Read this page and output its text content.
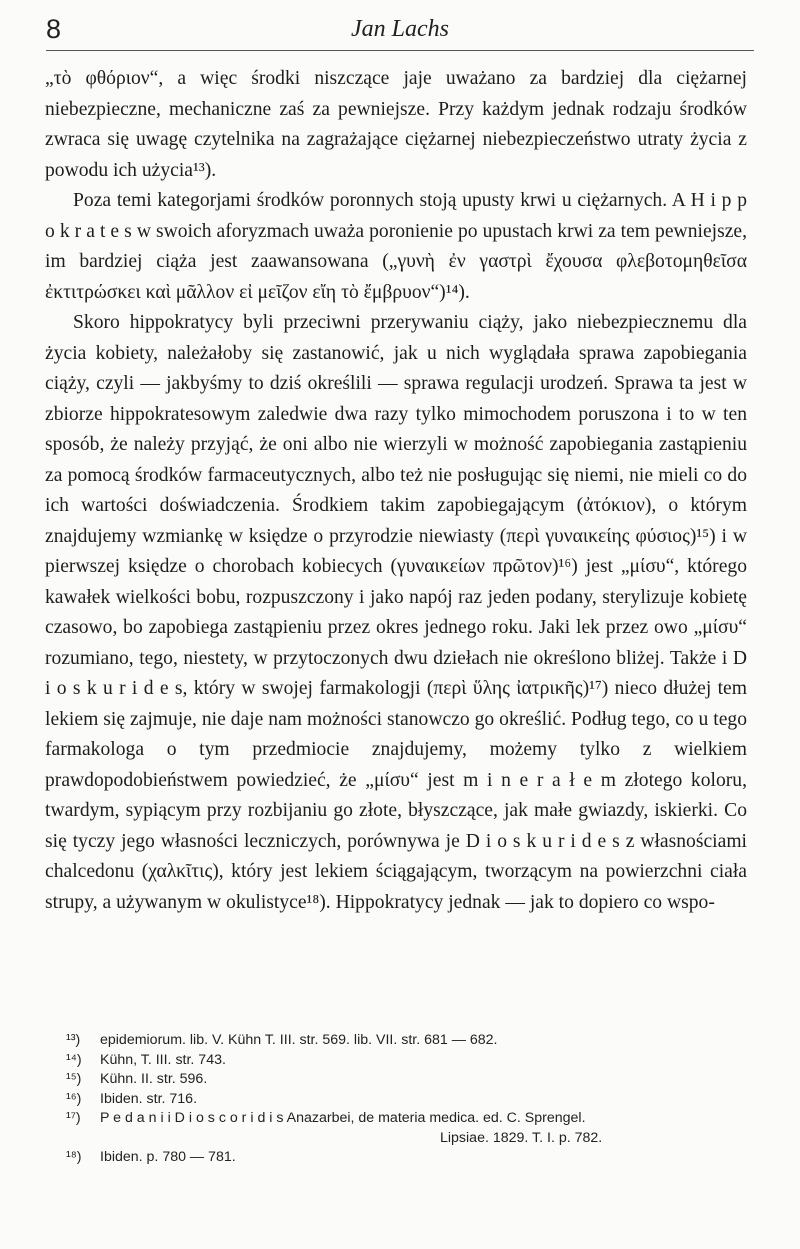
8	Jan Lachs

„τὸ φθόριον“, a więc środki niszczące jaje uważano za bardziej dla ciężarnej niebezpieczne, mechaniczne zaś za pewniejsze. Przy każdym jednak rodzaju środków zwraca się uwagę czytelnika na zagrażające ciężarnej niebezpieczeństwo utraty życia z powodu ich użycia¹³).

Poza temi kategorjami środków poronnych stoją upusty krwi u ciężarnych. A H i p p o k r a t e s w swoich aforyzmach uważa poronienie po upustach krwi za tem pewniejsze, im bardziej ciąża jest zaawansowana („γυνὴ ἐν γαστρὶ ἔχουσα φλεβοτομηθεῖσα ἐκτιτρώσκει καὶ μᾶλλον εἰ μεῖζον εἴη τὸ ἔμβρυον“)¹⁴).

Skoro hippokratycy byli przeciwni przerywaniu ciąży, jako niebezpiecznemu dla życia kobiety, należałoby się zastanowić, jak u nich wyglądała sprawa zapobiegania ciąży, czyli — jakbyśmy to dziś określili — sprawa regulacji urodzeń. Sprawa ta jest w zbiorze hippokratesowym zaledwie dwa razy tylko mimochodem poruszona i to w ten sposób, że należy przyjąć, że oni albo nie wierzyli w możność zapobiegania zastąpieniu za pomocą środków farmaceutycznych, albo też nie posługując się niemi, nie mieli co do ich wartości doświadczenia. Środkiem takim zapobiegającym (ἀτόκιον), o którym znajdujemy wzmiankę w księdze o przyrodzie niewiasty (περὶ γυναικείης φύσιος)¹⁵) i w pierwszej księdze o chorobach kobiecych (γυναικείων πρῶτον)¹⁶) jest „μίσυ“, którego kawałek wielkości bobu, rozpuszczony i jako napój raz jeden podany, sterylizuje kobietę czasowo, bo zapobiega zastąpieniu przez okres jednego roku. Jaki lek przez owo „μίσυ“ rozumiano, tego, niestety, w przytoczonych dwu dziełach nie określono bliżej. Także i D i o s k u r i d e s, który w swojej farmakologji (περὶ ὕλης ἰατρικῆς)¹⁷) nieco dłużej tem lekiem się zajmuje, nie daje nam możności stanowczo go określić. Podług tego, co u tego farmakologa o tym przedmiocie znajdujemy, możemy tylko z wielkiem prawdopodobieństwem powiedzieć, że „μίσυ“ jest m i n e r a ł e m złotego koloru, twardym, sypiącym przy rozbijaniu go złote, błyszczące, jak małe gwiazdy, iskierki. Co się tyczy jego własności leczniczych, porównywa je D i o s k u r i d e s z własnościami chalcedonu (χαλκῖτις), który jest lekiem ściągającym, tworzącym na powierzchni ciała strupy, a używanym w okulistyce¹⁸). Hippokratycy jednak — jak to dopiero co wspo-

¹³) epidemiorum. lib. V. Kühn T. III. str. 569. lib. VII. str. 681 — 682.
¹⁴) Kühn, T. III. str. 743.
¹⁵) Kühn. II. str. 596.
¹⁶) Ibiden. str. 716.
¹⁷) P e d a n i i D i o s c o r i d i s Anazarbei, de materia medica. ed. C. Sprengel.
Lipsiae. 1829. T. I. p. 782.
¹⁸) Ibiden. p. 780 — 781.
